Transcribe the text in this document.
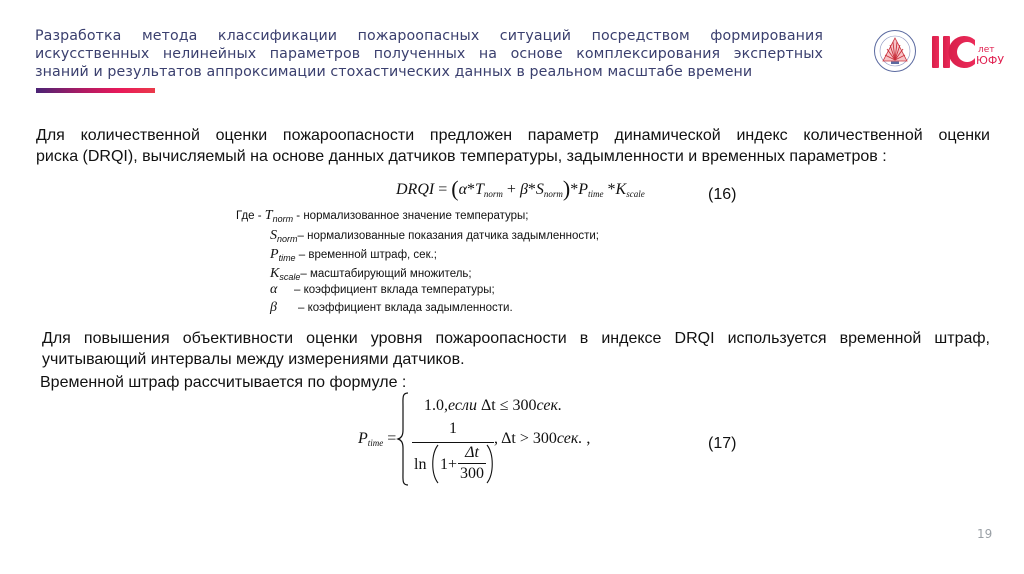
Разработка метода классификации пожароопасных ситуаций посредством формирования
искусственных нелинейных параметров полученных на основе комплексирования экспертных
знаний и результатов аппроксимации стохастических данных в реальном масштабе времени
лет
ЮФУ
Для количественной оценки пожароопасности предложен параметр динамической индекс количественной оценки
риска (DRQI), вычисляемый на основе данных датчиков температуры, задымленности и временных параметров :
DRQI = $(\alpha*T_{norm} + \beta*S_{norm})*P_{time}$ $*K_{scale}$	(16)
Где - $T_{norm}$ - нормализованное значение температуры;
$S_{norm}-$ нормализованные показания датчика задымленности;
$P_{time}$ – временной штраф, сек.;
$K_{scale}-$ масштабирующий множитель;
α – коэффициент вклада температуры;
β – коэффициент вклада задымленности.
Для повышения объективности оценки уровня пожароопасности в индексе DRQI используется временной штраф,
учитывающий интервалы между измерениями датчиков.
Временной штраф рассчитывается по формуле :
$P_{time}$ =
1.0,если Δt ≤ 300сек.
1
ln 1+
Δt
300
, Δt > 300сек. ,	(17)
19
